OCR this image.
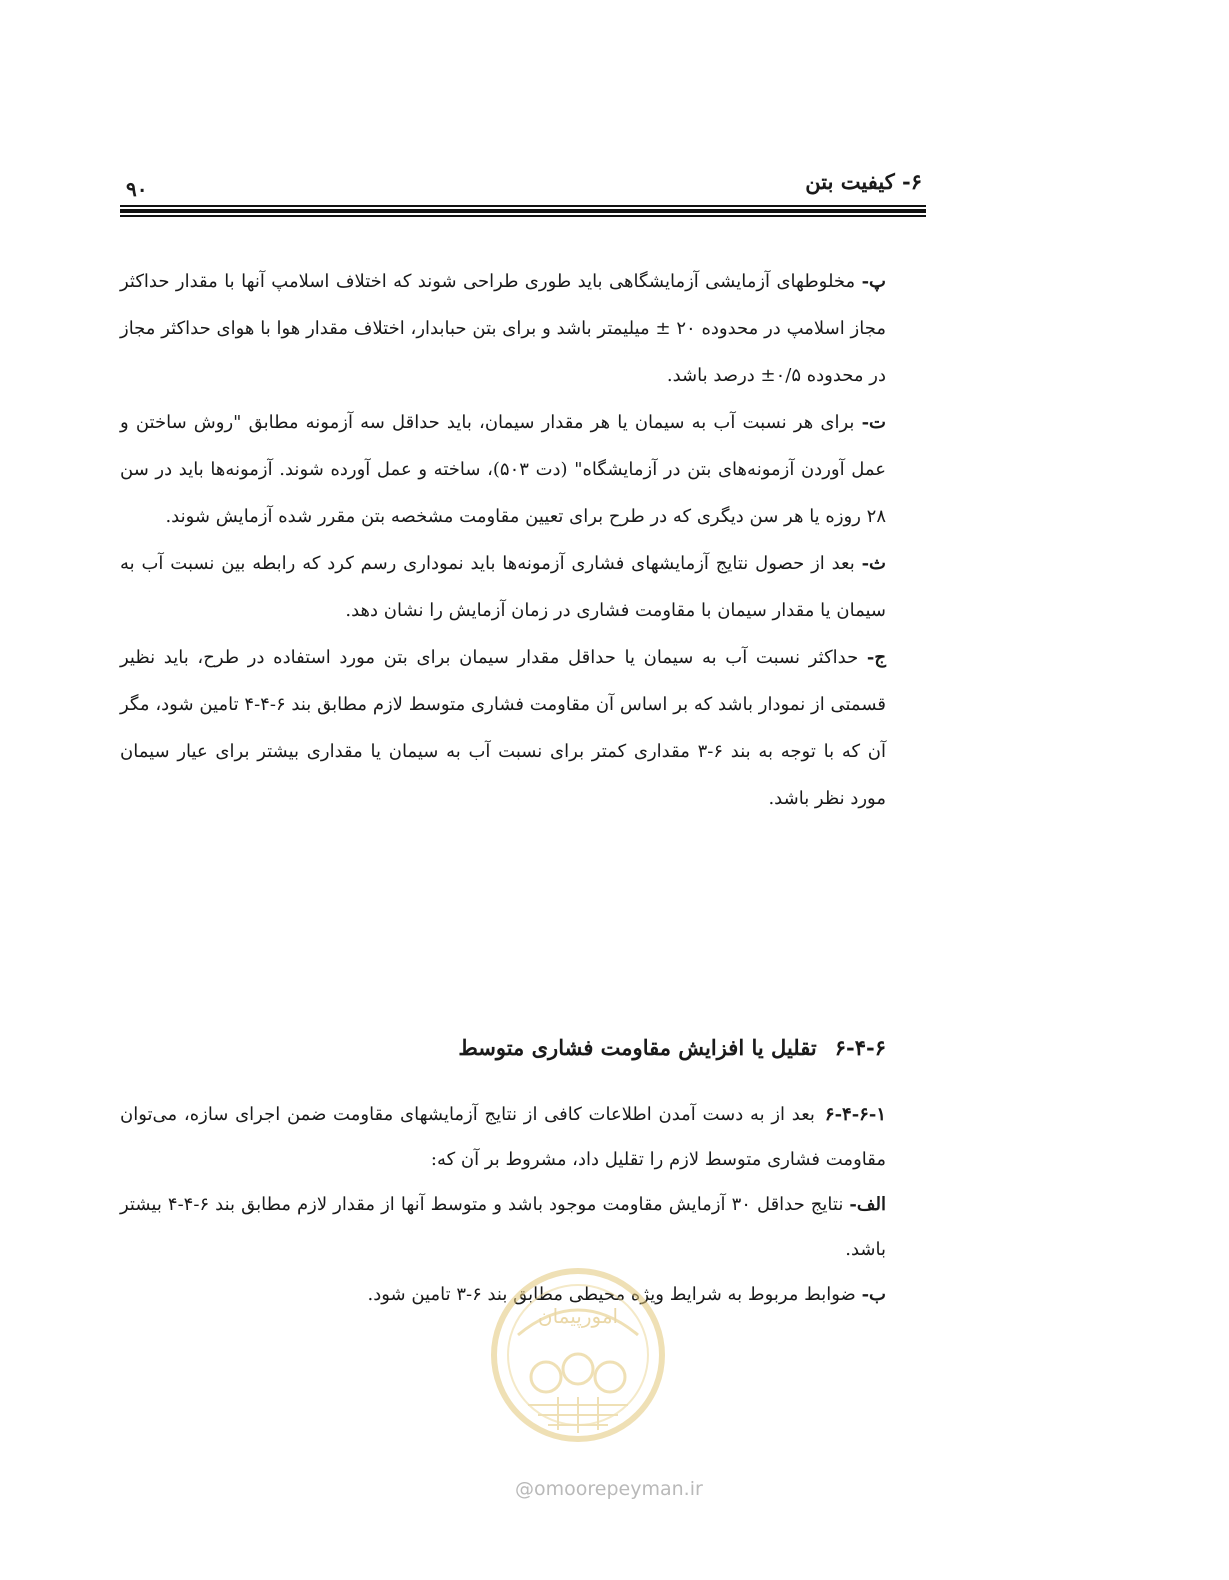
۶- کیفیت بتن
۹۰

پ- مخلوطهای آزمایشی آزمایشگاهی باید طوری طراحی شوند که اختلاف اسلامپ آنها با مقدار حداکثر مجاز اسلامپ در محدوده ۲۰ ± میلیمتر باشد و برای بتن حبابدار، اختلاف مقدار هوا با هوای حداکثر مجاز در محدوده ۰/۵± درصد باشد.

ت- برای هر نسبت آب به سیمان یا هر مقدار سیمان، باید حداقل سه آزمونه مطابق "روش ساختن و عمل آوردن آزمونه‌های بتن در آزمایشگاه" (دت ۵۰۳)، ساخته و عمل آورده شوند. آزمونه‌ها باید در سن ۲۸ روزه یا هر سن دیگری که در طرح برای تعیین مقاومت مشخصه بتن مقرر شده آزمایش شوند.

ث- بعد از حصول نتایج آزمایشهای فشاری آزمونه‌ها باید نموداری رسم کرد که رابطه بین نسبت آب به سیمان یا مقدار سیمان با مقاومت فشاری در زمان آزمایش را نشان دهد.

ج- حداکثر نسبت آب به سیمان یا حداقل مقدار سیمان برای بتن مورد استفاده در طرح، باید نظیر قسمتی از نمودار باشد که بر اساس آن مقاومت فشاری متوسط لازم مطابق بند ۶-۴-۴ تامین شود، مگر آن که با توجه به بند ۶-۳ مقداری کمتر برای نسبت آب به سیمان یا مقداری بیشتر برای عیار سیمان مورد نظر باشد.

۶-۴-۶تقلیل یا افزایش مقاومت فشاری متوسط

۶-۴-۶-۱بعد از به دست آمدن اطلاعات کافی از نتایج آزمایشهای مقاومت ضمن اجرای سازه، می‌توان مقاومت فشاری متوسط لازم را تقلیل داد، مشروط بر آن که:

الف- نتایج حداقل ۳۰ آزمایش مقاومت موجود باشد و متوسط آنها از مقدار لازم مطابق بند ۶-۴-۴ بیشتر باشد.

ب- ضوابط مربوط به شرایط ویژه محیطی مطابق بند ۶-۳ تامین شود.

امورپیمان
@omoorepeyman.ir
